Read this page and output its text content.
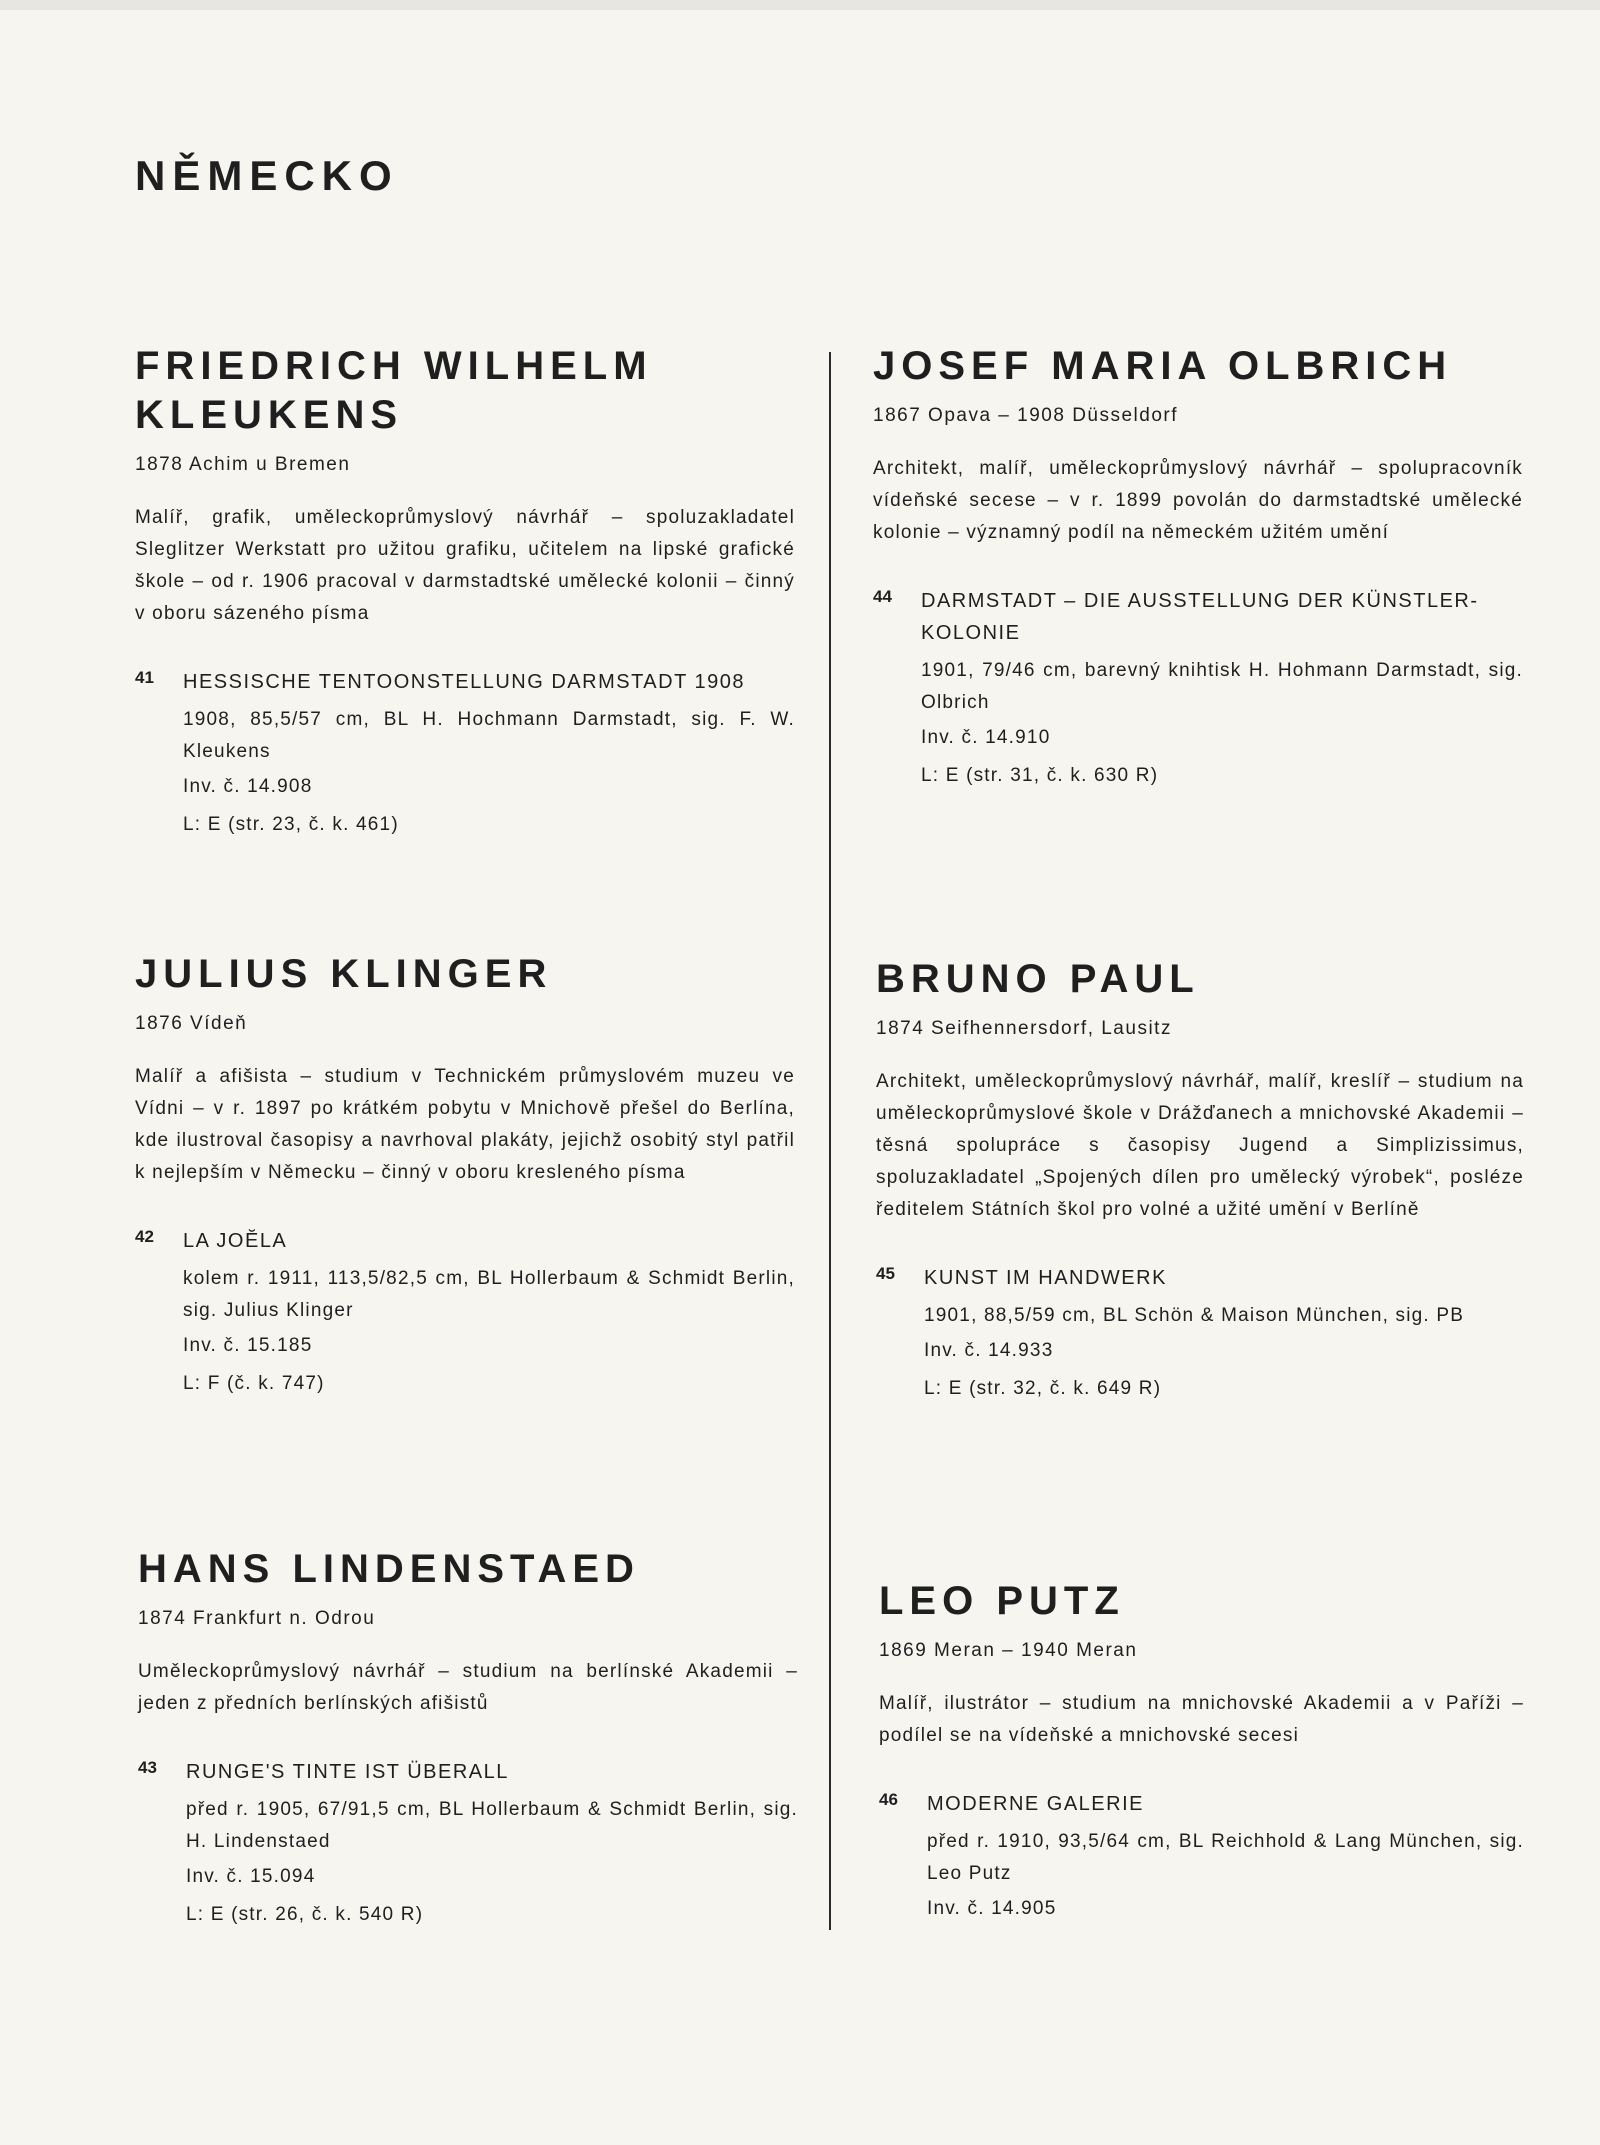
NĚMECKO
FRIEDRICH WILHELM KLEUKENS

1878 Achim u Bremen

Malíř, grafik, uměleckoprůmyslový návrhář – spoluzakladatel Sleglitzer Werkstatt pro užitou grafiku, učitelem na lipské grafické škole – od r. 1906 pracoval v darmstadtské umělecké kolonii – činný v oboru sázeného písma

41 HESSISCHE TENTOONSTELLUNG DARMSTADT 1908
1908, 85,5/57 cm, BL H. Hochmann Darmstadt, sig. F. W. Kleukens
Inv. č. 14.908
L: E (str. 23, č. k. 461)
JOSEF MARIA OLBRICH

1867 Opava – 1908 Düsseldorf

Architekt, malíř, uměleckoprůmyslový návrhář – spolupracovník vídeňské secese – v r. 1899 povolán do darmstadtské umělecké kolonie – významný podíl na německém užitém umění

44 DARMSTADT – DIE AUSSTELLUNG DER KÜNSTLER-KOLONIE
1901, 79/46 cm, barevný knihtisk H. Hohmann Darmstadt, sig. Olbrich
Inv. č. 14.910
L: E (str. 31, č. k. 630 R)
JULIUS KLINGER

1876 Vídeň

Malíř a afišista – studium v Technickém průmyslovém muzeu ve Vídni – v r. 1897 po krátkém pobytu v Mnichově přešel do Berlína, kde ilustroval časopisy a navrhoval plakáty, jejichž osobitý styl patřil k nejlepším v Německu – činný v oboru kresleného písma

42 LA JOĔLA
kolem r. 1911, 113,5/82,5 cm, BL Hollerbaum & Schmidt Berlin, sig. Julius Klinger
Inv. č. 15.185
L: F (č. k. 747)
BRUNO PAUL

1874 Seifhennersdorf, Lausitz

Architekt, uměleckoprůmyslový návrhář, malíř, kreslíř – studium na uměleckoprůmyslové škole v Drážďanech a mnichovské Akademii – těsná spolupráce s časopisy Jugend a Simplizissimus, spoluzakladatel „Spojených dílen pro umělecký výrobek“, posléze ředitelem Státních škol pro volné a užité umění v Berlíně

45 KUNST IM HANDWERK
1901, 88,5/59 cm, BL Schön & Maison München, sig. PB
Inv. č. 14.933
L: E (str. 32, č. k. 649 R)
HANS LINDENSTAED

1874 Frankfurt n. Odrou

Uměleckoprůmyslový návrhář – studium na berlínské Akademii – jeden z předních berlínských afišistů

43 RUNGE'S TINTE IST ÜBERALL
před r. 1905, 67/91,5 cm, BL Hollerbaum & Schmidt Berlin, sig. H. Lindenstaed
Inv. č. 15.094
L: E (str. 26, č. k. 540 R)
LEO PUTZ

1869 Meran – 1940 Meran

Malíř, ilustrátor – studium na mnichovské Akademii a v Paříži – podílel se na vídeňské a mnichovské secesi

46 MODERNE GALERIE
před r. 1910, 93,5/64 cm, BL Reichhold & Lang München, sig. Leo Putz
Inv. č. 14.905
